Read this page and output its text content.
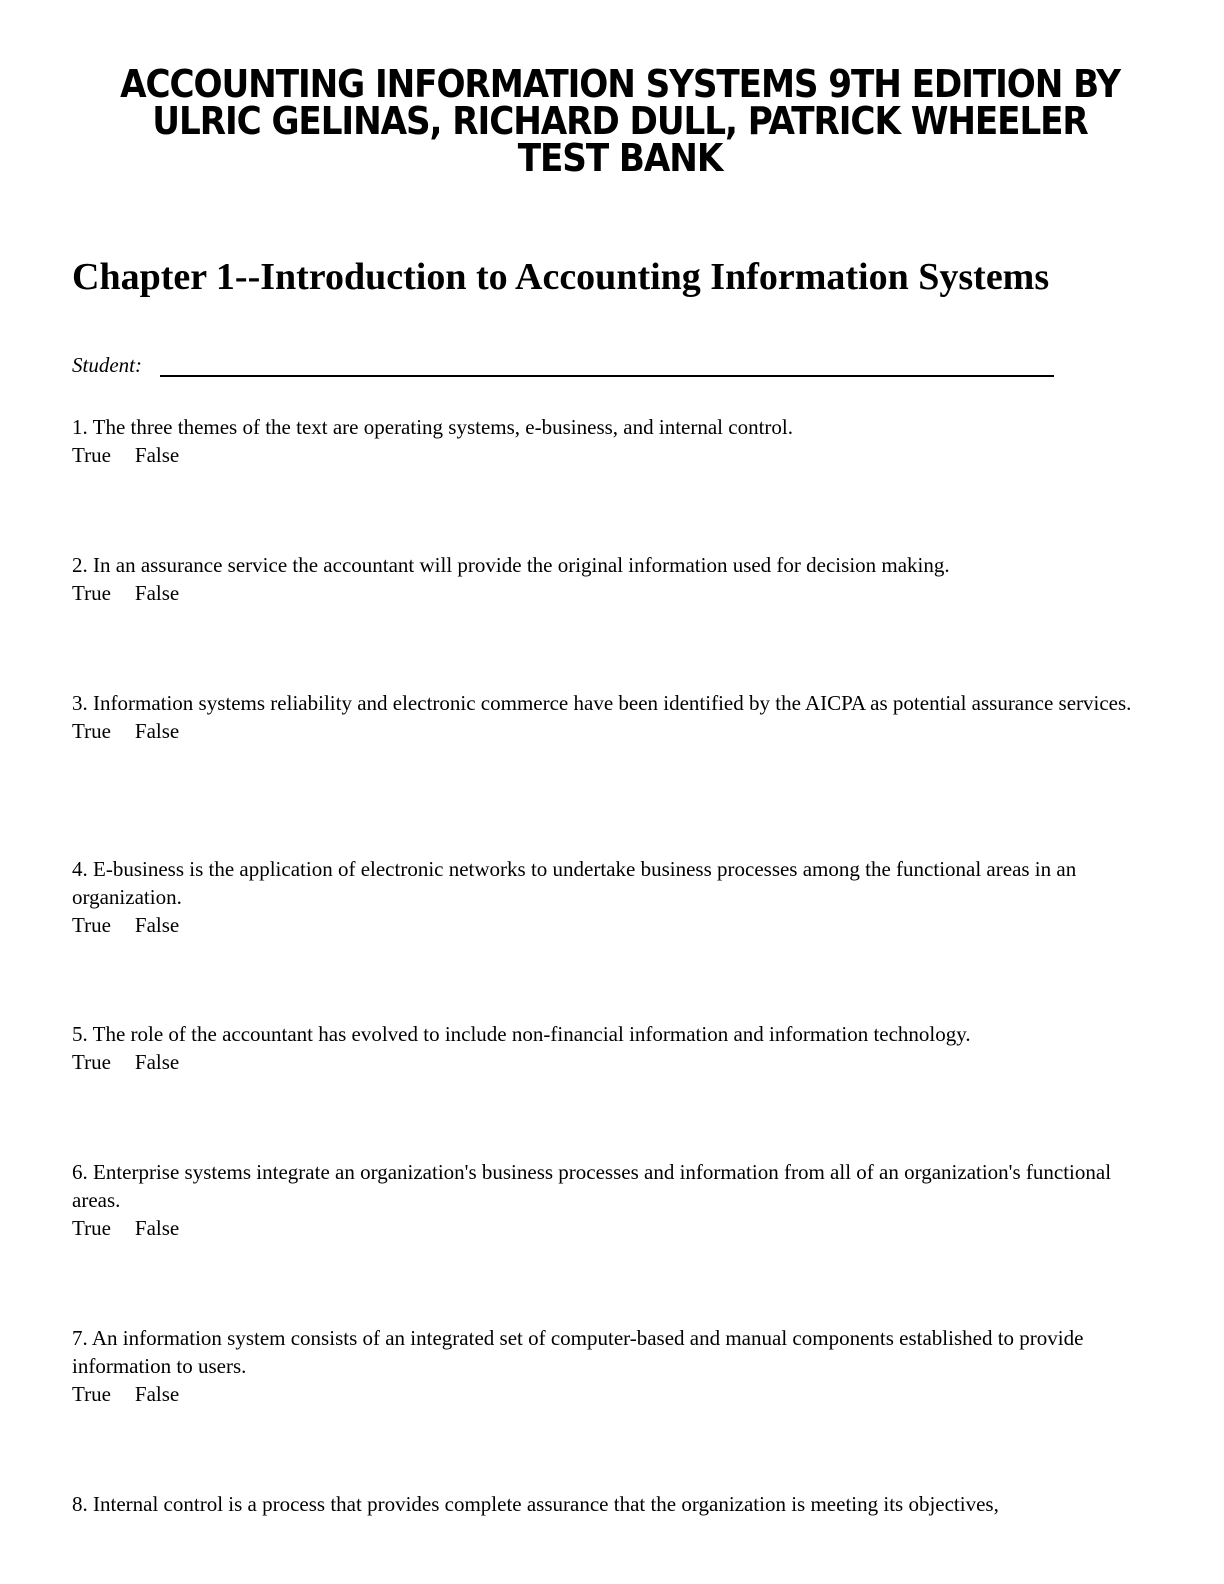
ACCOUNTING INFORMATION SYSTEMS 9TH EDITION BY
ULRIC GELINAS, RICHARD DULL, PATRICK WHEELER
TEST BANK
Chapter 1--Introduction to Accounting Information Systems
Student:

1. The three themes of the text are operating systems, e-business, and internal control.

True False

2. In an assurance service the accountant will provide the original information used for decision making.

True False

3. Information systems reliability and electronic commerce have been identified by the AICPA as potential assurance services.

True False

4. E-business is the application of electronic networks to undertake business processes among the functional areas in an organization.

True False

5. The role of the accountant has evolved to include non-financial information and information technology.

True False

6. Enterprise systems integrate an organization's business processes and information from all of an organization's functional areas.

True False

7. An information system consists of an integrated set of computer-based and manual components established to provide information to users.

True False

8. Internal control is a process that provides complete assurance that the organization is meeting its objectives,
